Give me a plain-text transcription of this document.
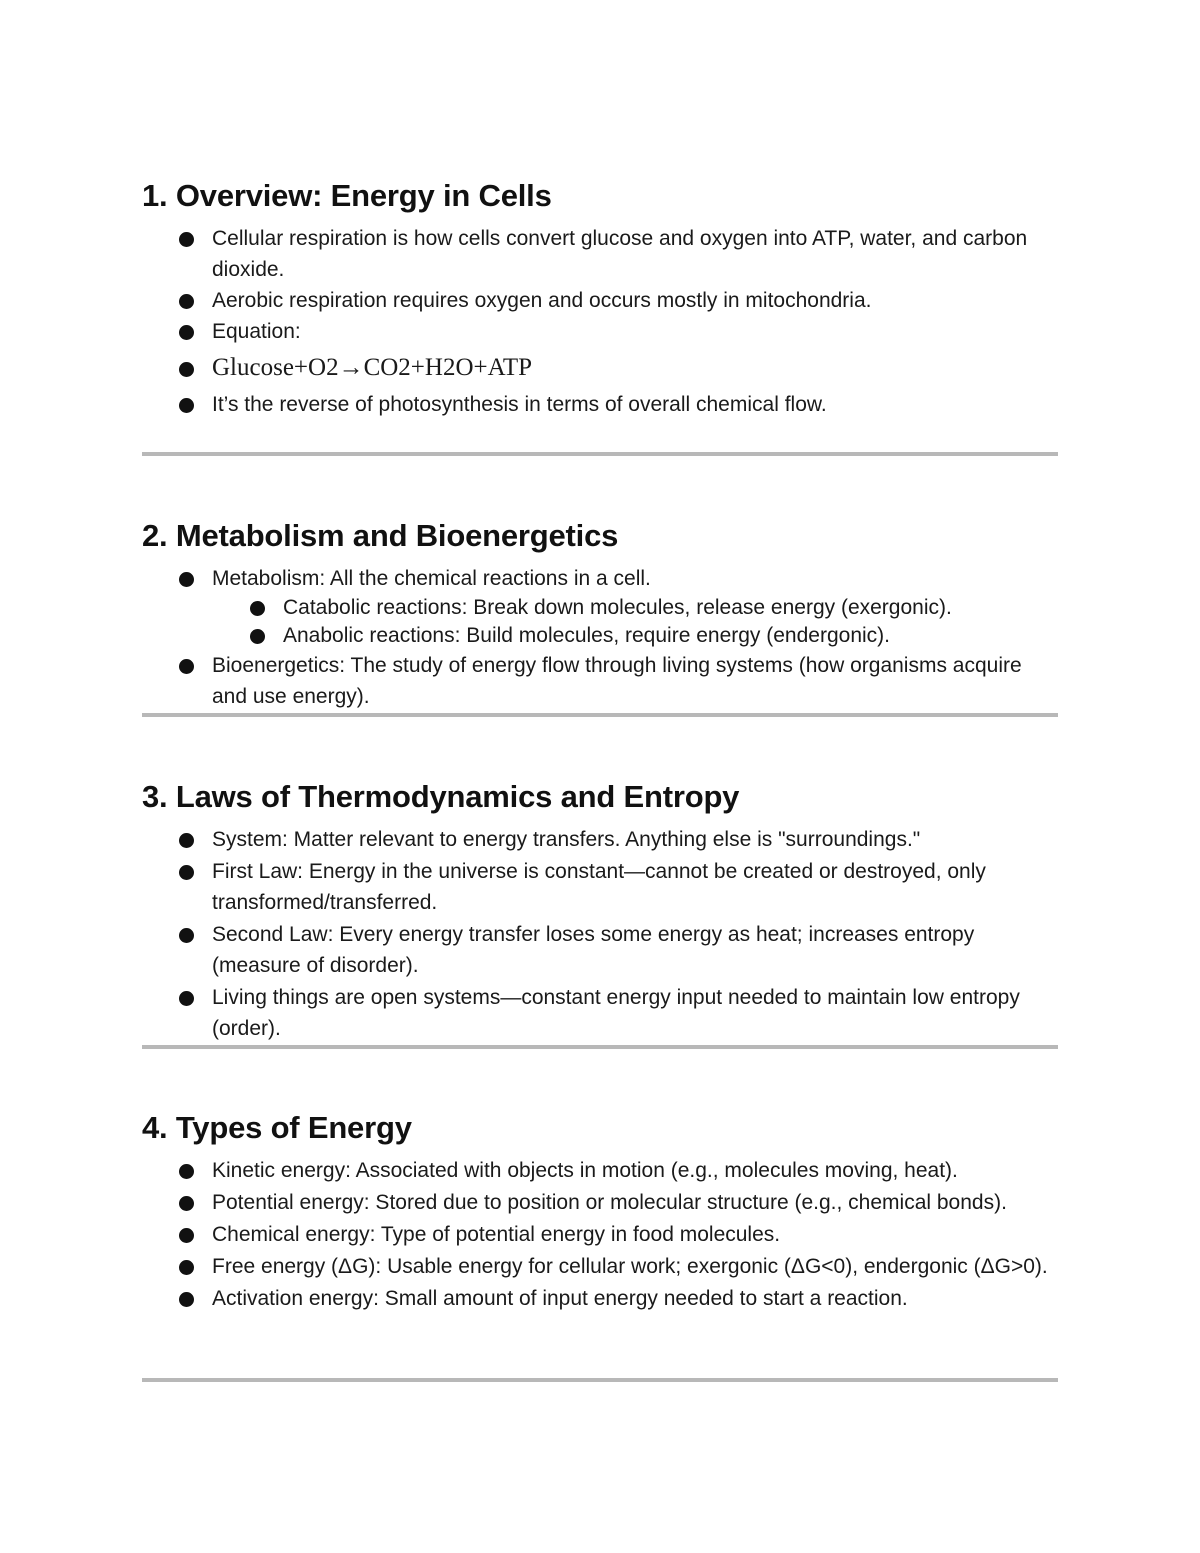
1. Overview: Energy in Cells
Cellular respiration is how cells convert glucose and oxygen into ATP, water, and carbon dioxide.
Aerobic respiration requires oxygen and occurs mostly in mitochondria.
Equation:
Glucose+O2→CO2+H2O+ATP
It’s the reverse of photosynthesis in terms of overall chemical flow.
2. Metabolism and Bioenergetics
Metabolism: All the chemical reactions in a cell.
Catabolic reactions: Break down molecules, release energy (exergonic).
Anabolic reactions: Build molecules, require energy (endergonic).
Bioenergetics: The study of energy flow through living systems (how organisms acquire and use energy).
3. Laws of Thermodynamics and Entropy
System: Matter relevant to energy transfers. Anything else is "surroundings."
First Law: Energy in the universe is constant—cannot be created or destroyed, only transformed/transferred.
Second Law: Every energy transfer loses some energy as heat; increases entropy (measure of disorder).
Living things are open systems—constant energy input needed to maintain low entropy (order).
4. Types of Energy
Kinetic energy: Associated with objects in motion (e.g., molecules moving, heat).
Potential energy: Stored due to position or molecular structure (e.g., chemical bonds).
Chemical energy: Type of potential energy in food molecules.
Free energy (ΔG): Usable energy for cellular work; exergonic (ΔG<0), endergonic (ΔG>0).
Activation energy: Small amount of input energy needed to start a reaction.
